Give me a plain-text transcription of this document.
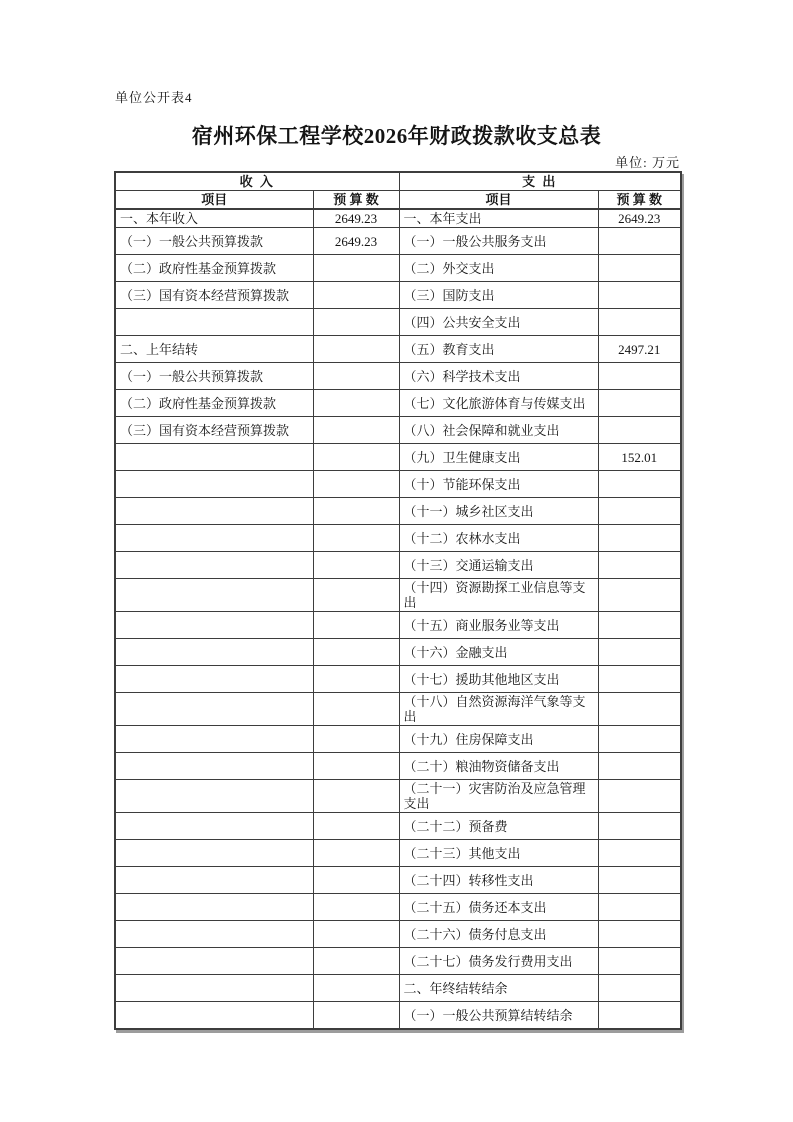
单位公开表4
宿州环保工程学校2026年财政拨款收支总表
单位: 万元
收 入		支 出	
项目	预 算 数	项目	预 算 数
一、本年收入	2649.23	一、本年支出	2649.23
（一）一般公共预算拨款	2649.23	（一）一般公共服务支出	
（二）政府性基金预算拨款		（二）外交支出	
（三）国有资本经营预算拨款		（三）国防支出	
		（四）公共安全支出	
二、上年结转		（五）教育支出	2497.21
（一）一般公共预算拨款		（六）科学技术支出	
（二）政府性基金预算拨款		（七）文化旅游体育与传媒支出	
（三）国有资本经营预算拨款		（八）社会保障和就业支出	
		（九）卫生健康支出	152.01
		（十）节能环保支出	
		（十一）城乡社区支出	
		（十二）农林水支出	
		（十三）交通运输支出	
		（十四）资源勘探工业信息等支出	
		（十五）商业服务业等支出	
		（十六）金融支出	
		（十七）援助其他地区支出	
		（十八）自然资源海洋气象等支出	
		（十九）住房保障支出	
		（二十）粮油物资储备支出	
		（二十一）灾害防治及应急管理支出	
		（二十二）预备费	
		（二十三）其他支出	
		（二十四）转移性支出	
		（二十五）债务还本支出	
		（二十六）债务付息支出	
		（二十七）债务发行费用支出	
		二、年终结转结余	
		（一）一般公共预算结转结余	
